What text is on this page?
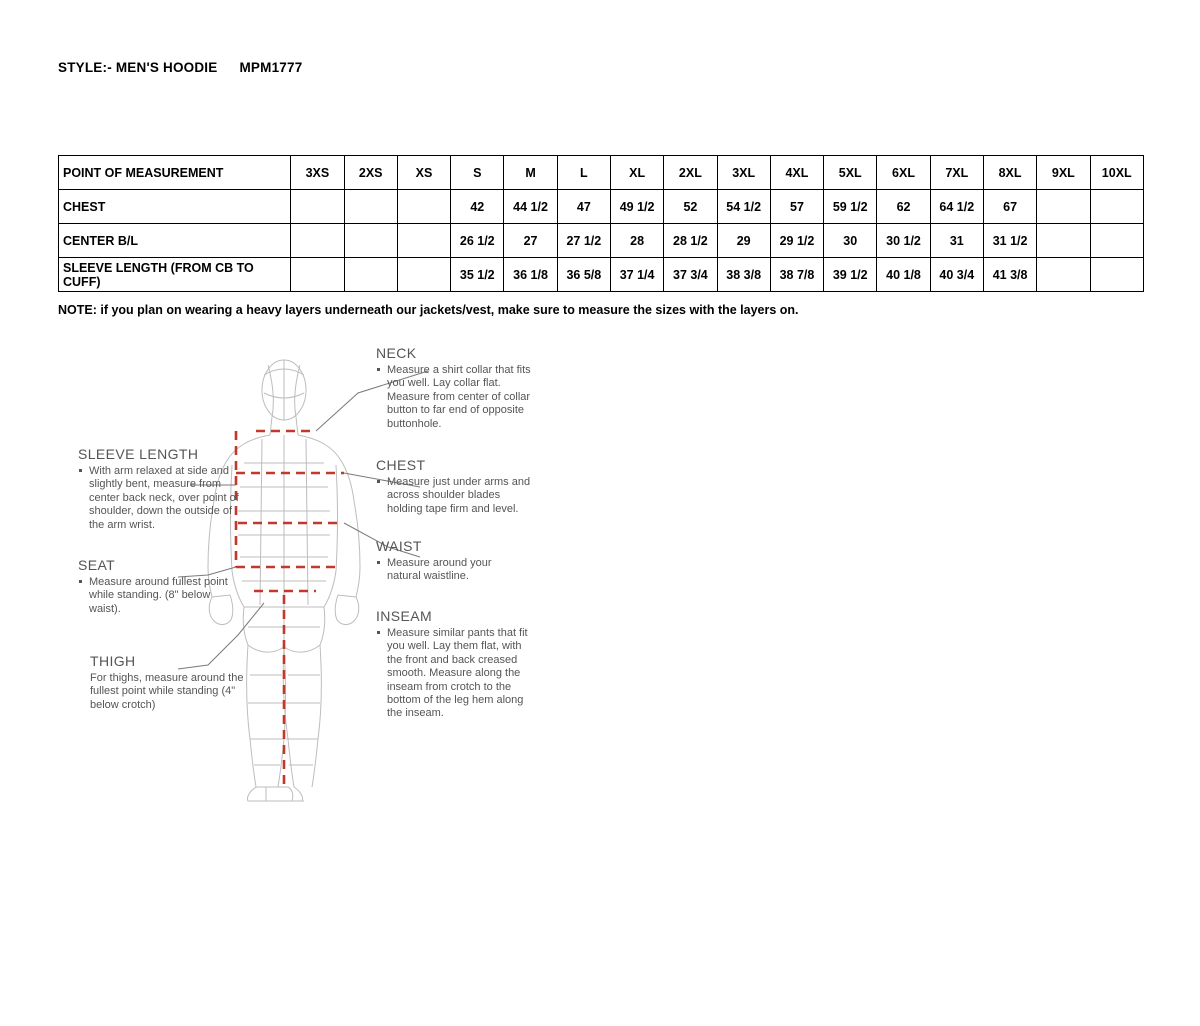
STYLE:- MEN'S HOODIE MPM1777
POINT OF MEASUREMENT	3XS	2XS	XS	S	M	L	XL	2XL	3XL	4XL	5XL	6XL	7XL	8XL	9XL	10XL
CHEST				42	44 1/2	47	49 1/2	52	54 1/2	57	59 1/2	62	64 1/2	67		
CENTER B/L				26 1/2	27	27 1/2	28	28 1/2	29	29 1/2	30	30 1/2	31	31 1/2		
SLEEVE LENGTH (FROM CB TO CUFF)				35 1/2	36 1/8	36 5/8	37 1/4	37 3/4	38 3/8	38 7/8	39 1/2	40 1/8	40 3/4	41 3/8		
NOTE: if you plan on wearing a heavy layers underneath our jackets/vest, make sure to measure the sizes with the layers on.
NECK
Measure a shirt collar that fits you well. Lay collar flat. Measure from center of collar button to far end of opposite buttonhole.
CHEST
Measure just under arms and across shoulder blades holding tape firm and level.
WAIST
Measure around your natural waistline.
INSEAM
Measure similar pants that fit you well. Lay them flat, with the front and back creased smooth. Measure along the inseam from crotch to the bottom of the leg hem along the inseam.
SLEEVE LENGTH
With arm relaxed at side and slightly bent, measure from center back neck, over point of shoulder, down the outside of the arm wrist.
SEAT
Measure around fullest point while standing. (8" below waist).
THIGH
For thighs, measure around the fullest point while standing (4" below crotch)
